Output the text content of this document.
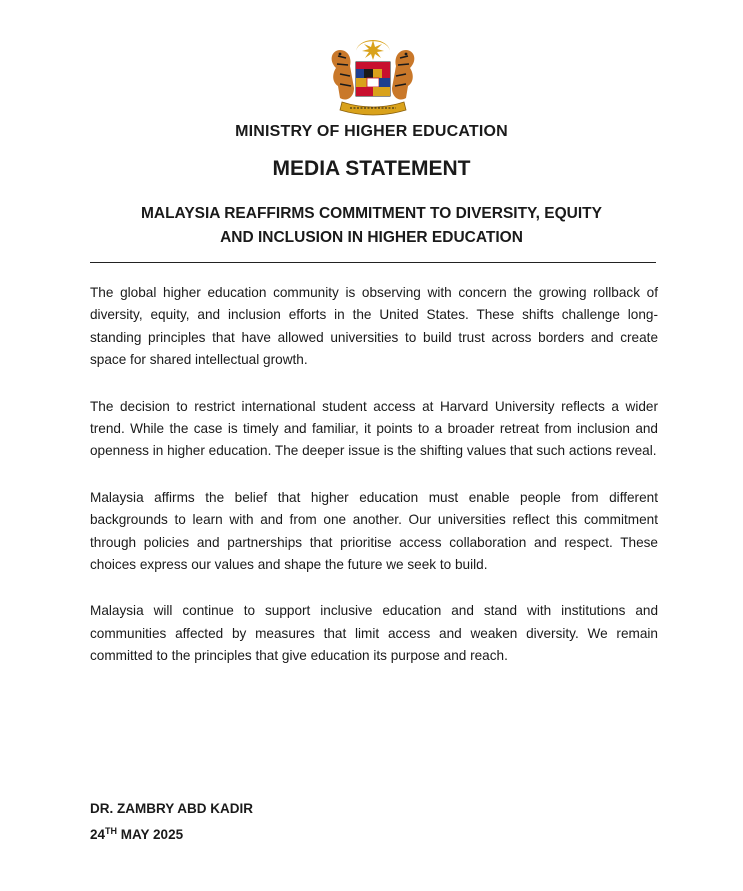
MINISTRY OF HIGHER EDUCATION
MEDIA STATEMENT
MALAYSIA REAFFIRMS COMMITMENT TO DIVERSITY, EQUITY
AND INCLUSION IN HIGHER EDUCATION

The global higher education community is observing with concern the growing rollback of diversity, equity, and inclusion efforts in the United States. These shifts challenge long-standing principles that have allowed universities to build trust across borders and create space for shared intellectual growth.

The decision to restrict international student access at Harvard University reflects a wider trend. While the case is timely and familiar, it points to a broader retreat from inclusion and openness in higher education. The deeper issue is the shifting values that such actions reveal.

Malaysia affirms the belief that higher education must enable people from different backgrounds to learn with and from one another. Our universities reflect this commitment through policies and partnerships that prioritise access collaboration and respect. These choices express our values and shape the future we seek to build.

Malaysia will continue to support inclusive education and stand with institutions and communities affected by measures that limit access and weaken diversity. We remain committed to the principles that give education its purpose and reach.

DR. ZAMBRY ABD KADIR
24TH MAY 2025
